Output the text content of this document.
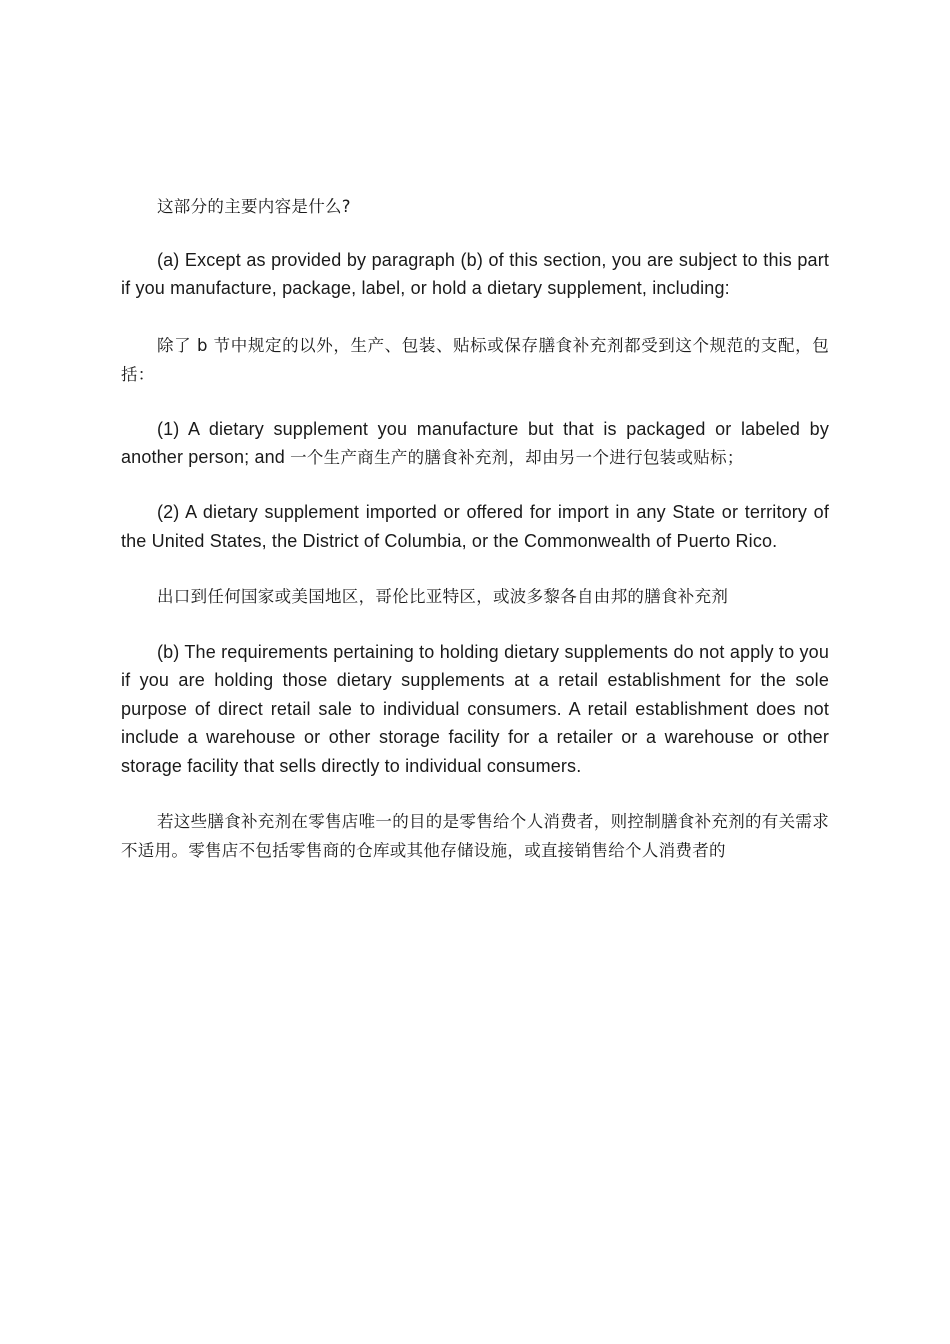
这部分的主要内容是什么?

(a) Except as provided by paragraph (b) of this section, you are subject to this part if you manufacture, package, label, or hold a dietary supplement, including:

除了 b 节中规定的以外，生产、包装、贴标或保存膳食补充剂都受到这个规范的支配，包括：

(1) A dietary supplement you manufacture but that is packaged or labeled by another person; and 一个生产商生产的膳食补充剂，却由另一个进行包装或贴标；

(2) A dietary supplement imported or offered for import in any State or territory of the United States, the District of Columbia, or the Commonwealth of Puerto Rico.

出口到任何国家或美国地区，哥伦比亚特区，或波多黎各自由邦的膳食补充剂

(b) The requirements pertaining to holding dietary supplements do not apply to you if you are holding those dietary supplements at a retail establishment for the sole purpose of direct retail sale to individual consumers. A retail establishment does not include a warehouse or other storage facility for a retailer or a warehouse or other storage facility that sells directly to individual consumers.

若这些膳食补充剂在零售店唯一的目的是零售给个人消费者，则控制膳食补充剂的有关需求不适用。零售店不包括零售商的仓库或其他存储设施，或直接销售给个人消费者的
